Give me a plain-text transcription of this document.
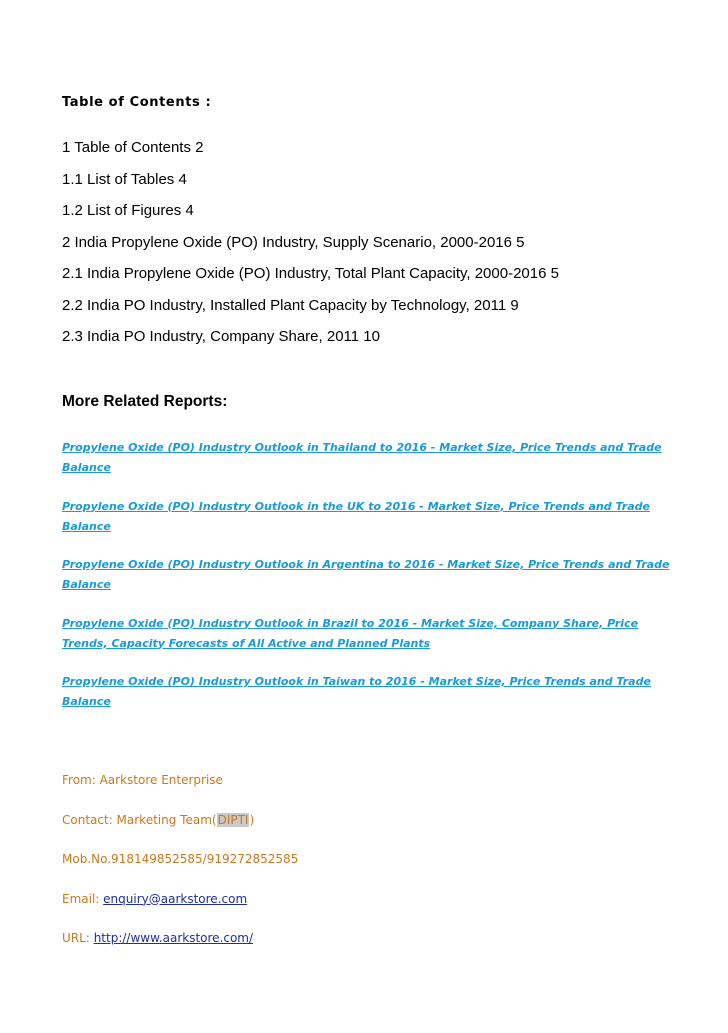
Table of Contents :
1 Table of Contents 2
1.1 List of Tables 4
1.2 List of Figures 4
2 India Propylene Oxide (PO) Industry, Supply Scenario, 2000-2016 5
2.1 India Propylene Oxide (PO) Industry, Total Plant Capacity, 2000-2016 5
2.2 India PO Industry, Installed Plant Capacity by Technology, 2011 9
2.3 India PO Industry, Company Share, 2011 10
More Related Reports:
Propylene Oxide (PO) Industry Outlook in Thailand to 2016 - Market Size, Price Trends and Trade Balance
Propylene Oxide (PO) Industry Outlook in the UK to 2016 - Market Size, Price Trends and Trade Balance
Propylene Oxide (PO) Industry Outlook in Argentina to 2016 - Market Size, Price Trends and Trade Balance
Propylene Oxide (PO) Industry Outlook in Brazil to 2016 - Market Size, Company Share, Price Trends, Capacity Forecasts of All Active and Planned Plants
Propylene Oxide (PO) Industry Outlook in Taiwan to 2016 - Market Size, Price Trends and Trade Balance
From: Aarkstore Enterprise
Contact: Marketing Team(DIPTI)
Mob.No.918149852585/919272852585
Email: enquiry@aarkstore.com
URL: http://www.aarkstore.com/
